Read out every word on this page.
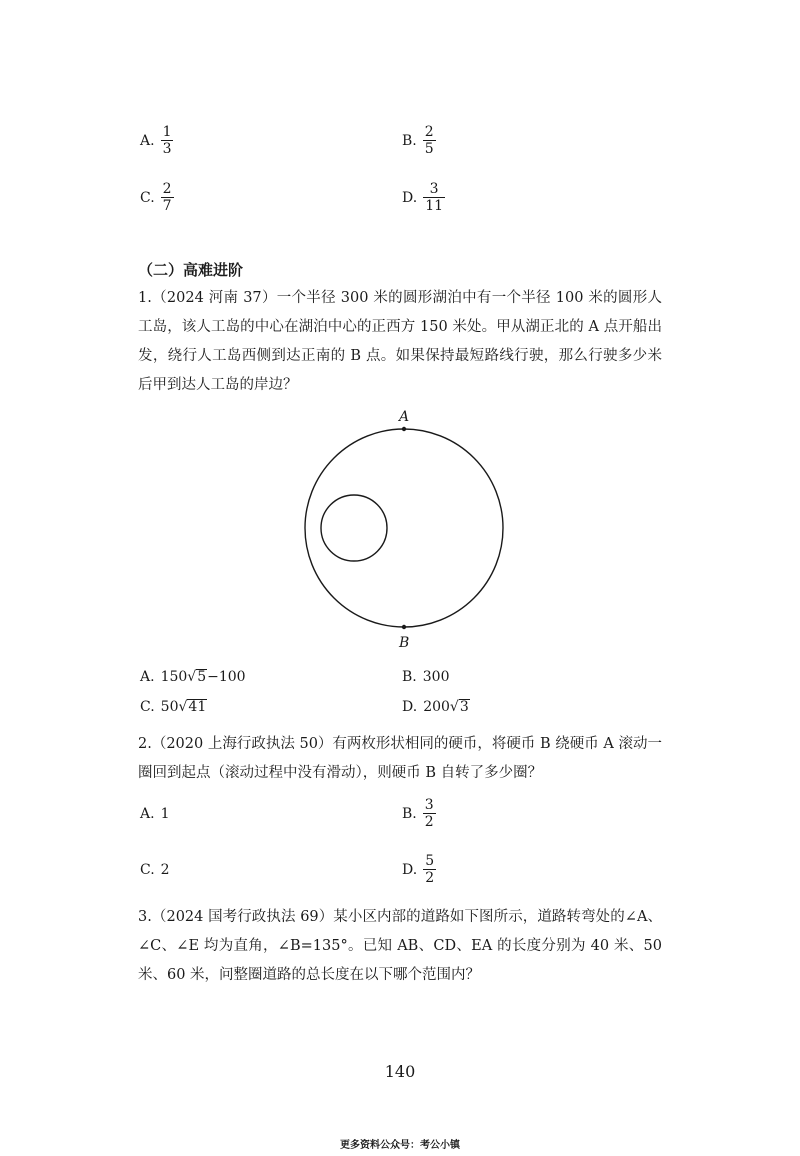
A. $\frac{1}{3}$	B. $\frac{2}{5}$
C. $\frac{2}{7}$	D. $\frac{3}{11}$
（二）高难进阶
1.（2024 河南 37）一个半径 300 米的圆形湖泊中有一个半径 100 米的圆形人工岛，该人工岛的中心在湖泊中心的正西方 150 米处。甲从湖正北的 A 点开船出发，绕行人工岛西侧到达正南的 B 点。如果保持最短路线行驶，那么行驶多少米后甲到达人工岛的岸边？
A
B
A. 150 √ 5 −100	B. 300
C. 50 √ 41	D. 200 √ 3
2.（2020 上海行政执法 50）有两枚形状相同的硬币，将硬币 B 绕硬币 A 滚动一圈回到起点（滚动过程中没有滑动），则硬币 B 自转了多少圈？
A. 1	B. $\frac{3}{2}$
C. 2	D. $\frac{5}{2}$
3.（2024 国考行政执法 69）某小区内部的道路如下图所示，道路转弯处的∠A、∠C、∠E 均为直角，∠B=135°。已知 AB、CD、EA 的长度分别为 40 米、50 米、60 米，问整圈道路的总长度在以下哪个范围内？
140
更多资料公众号：考公小镇
